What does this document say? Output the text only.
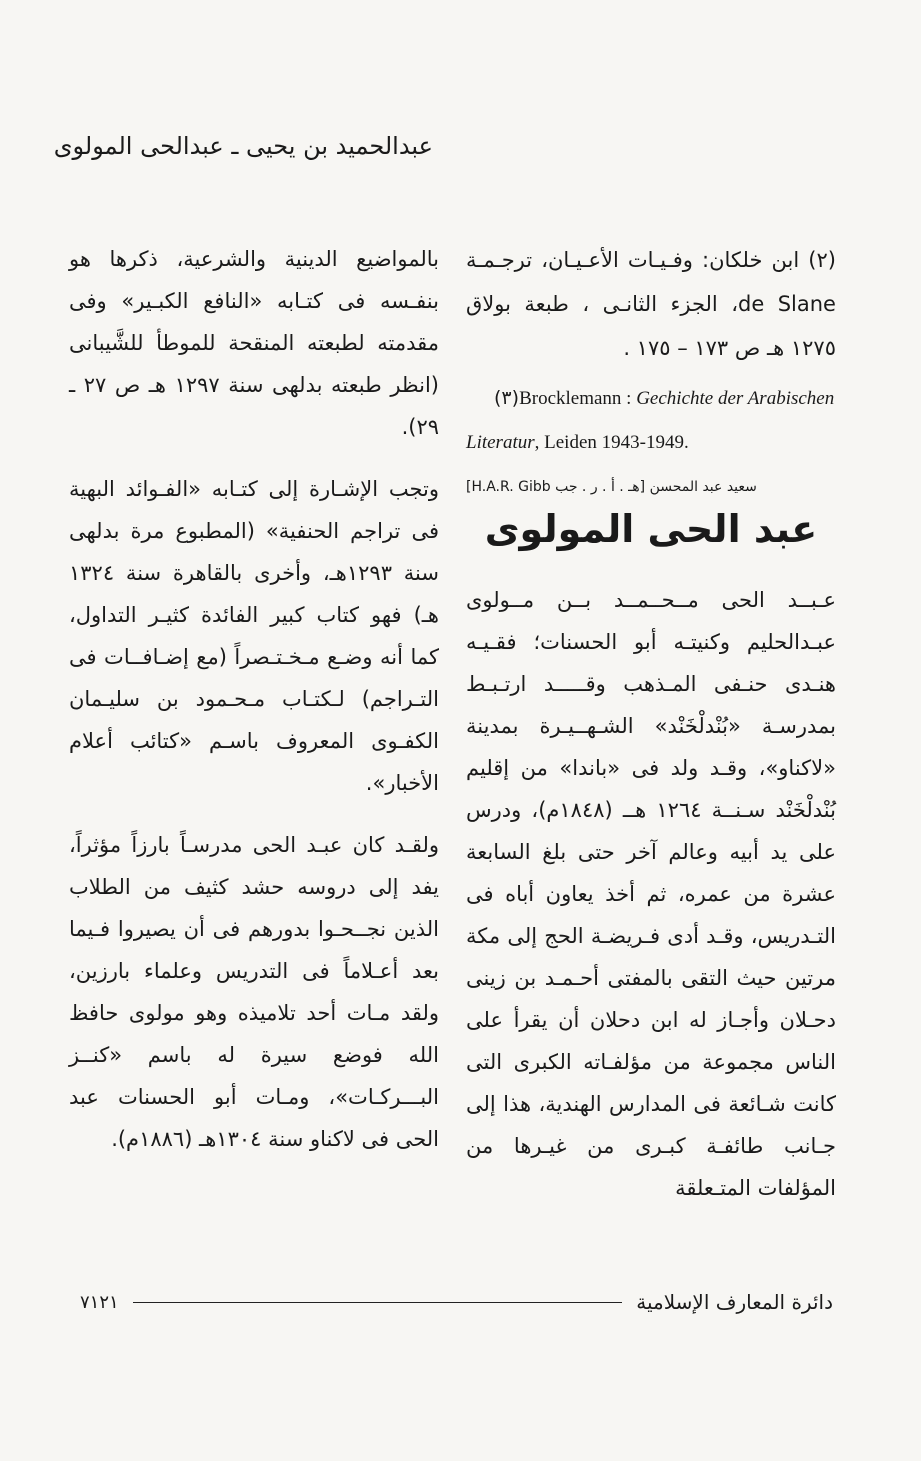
عبدالحميد بن يحيى ـ عبدالحى المولوى

(٢) ابن خلكان: وفـيـات الأعـيـان، ترجـمـة de Slane، الجزء الثانـى ، طبعة بولاق ١٢٧٥ هـ ص ١٧٣ – ١٧٥ .

(٣)Brocklemann : Gechichte der Arabischen Literatur, Leiden 1943-1949.

سعيد عبد المحسن [هـ . أ . ر . جب H.A.R. Gibb]
عبد الحى المولوى

عـبــد الحى مــحــمــد بــن مــولوى عبـدالحليم وكنيتـه أبو الحسنات؛ فقـيـه هنـدى حنـفى المـذهب وقـــــد ارتـبـط بمدرسـة «بُنْدلْخَنْد» الشـهــيـرة بمدينة «لاكناو»، وقـد ولد فى «باندا» من إقليم بُنْدلْخَنْد سـنــة ١٢٦٤ هــ (١٨٤٨م)، ودرس على يد أبيه وعالم آخر حتى بلغ السابعة عشرة من عمره، ثم أخذ يعاون أباه فى التـدريس، وقـد أدى فـريضـة الحج إلى مكة مرتين حيث التقى بالمفتى أحـمـد بن زينى دحـلان وأجـاز له ابن دحلان أن يقرأ على الناس مجموعة من مؤلفـاته الكبرى التى كانت شـائعة فى المدارس الهندية، هذا إلى جـانب طائفـة كبـرى من غيـرها من المؤلفات المتـعلقة

بالمواضيع الدينية والشرعية، ذكرها هو بنفـسه فى كتـابه «النافع الكبـير» وفى مقدمته لطبعته المنقحة للموطأ للشَّيبانى (انظر طبعته بدلهى سنة ١٢٩٧ هـ ص ٢٧ ـ ٢٩).

وتجب الإشـارة إلى كتـابه «الفـوائد البهية فى تراجم الحنفية» (المطبوع مرة بدلهى سنة ١٢٩٣هـ، وأخرى بالقاهرة سنة ١٣٢٤ هـ) فهو كتاب كبير الفائدة كثيـر التداول، كما أنه وضـع مـخـتـصراً (مع إضـافــات فى التـراجم) لـكتـاب مـحـمود بن سليـمان الكفـوى المعروف باسـم «كتائب أعلام الأخبار».

ولقـد كان عبـد الحى مدرسـاً بارزاً مؤثراً، يفد إلى دروسه حشد كثيف من الطلاب الذين نجــحـوا بدورهم فى أن يصيروا فـيما بعد أعـلاماً فى التدريس وعلماء بارزين، ولقد مـات أحد تلاميذه وهو مولوى حافظ الله فوضع سيرة له باسم «كنــز البـــركـات»، ومـات أبو الحسنات عبد الحى فى لاكناو سنة ١٣٠٤هـ (١٨٨٦م).

دائرة المعارف الإسلامية
٧١٢١
